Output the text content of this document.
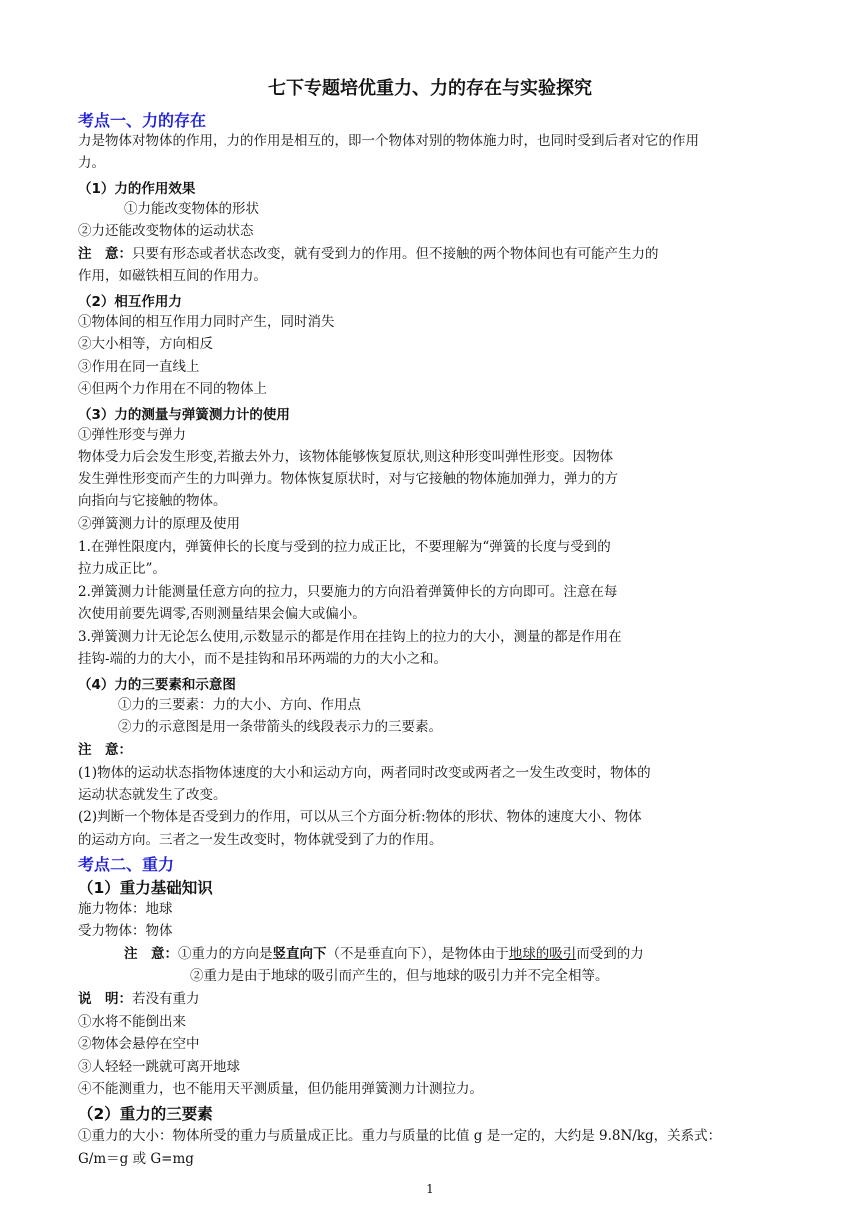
七下专题培优重力、力的存在与实验探究
考点一、力的存在
力是物体对物体的作用，力的作用是相互的，即一个物体对别的物体施力时，也同时受到后者对它的作用
力。
（1）力的作用效果
①力能改变物体的形状
②力还能改变物体的运动状态
注　意：只要有形态或者状态改变，就有受到力的作用。但不接触的两个物体间也有可能产生力的
作用，如磁铁相互间的作用力。
（2）相互作用力
①物体间的相互作用力同时产生，同时消失
②大小相等，方向相反
③作用在同一直线上
④但两个力作用在不同的物体上
（3）力的测量与弹簧测力计的使用
①弹性形变与弹力
物体受力后会发生形变,若撤去外力，该物体能够恢复原状,则这种形变叫弹性形变。因物体
发生弹性形变而产生的力叫弹力。物体恢复原状时，对与它接触的物体施加弹力，弹力的方
向指向与它接触的物体。
②弹簧测力计的原理及使用
1.在弹性限度内，弹簧伸长的长度与受到的拉力成正比，不要理解为“弹簧的长度与受到的
拉力成正比”。
2.弹簧测力计能测量任意方向的拉力，只要施力的方向沿着弹簧伸长的方向即可。注意在每
次使用前要先调零,否则测量结果会偏大或偏小。
3.弹簧测力计无论怎么使用,示数显示的都是作用在挂钩上的拉力的大小，测量的都是作用在
挂钩-端的力的大小，而不是挂钩和吊环两端的力的大小之和。
（4）力的三要素和示意图
①力的三要素：力的大小、方向、作用点
②力的示意图是用一条带箭头的线段表示力的三要素。
注　意：
(1)物体的运动状态指物体速度的大小和运动方向，两者同时改变或两者之一发生改变时，物体的
运动状态就发生了改变。
(2)判断一个物体是否受到力的作用，可以从三个方面分析:物体的形状、物体的速度大小、物体
的运动方向。三者之一发生改变时，物体就受到了力的作用。
考点二、重力
（1）重力基础知识
施力物体：地球
受力物体：物体
注　意：①重力的方向是竖直向下（不是垂直向下），是物体由于地球的吸引而受到的力
②重力是由于地球的吸引而产生的，但与地球的吸引力并不完全相等。
说　明：若没有重力
①水将不能倒出来
②物体会悬停在空中
③人轻轻一跳就可离开地球
④不能测重力，也不能用天平测质量，但仍能用弹簧测力计测拉力。
（2）重力的三要素
①重力的大小：物体所受的重力与质量成正比。重力与质量的比值 g 是一定的，大约是 9.8N/kg，关系式：
G/m＝g 或 G=mg
1
